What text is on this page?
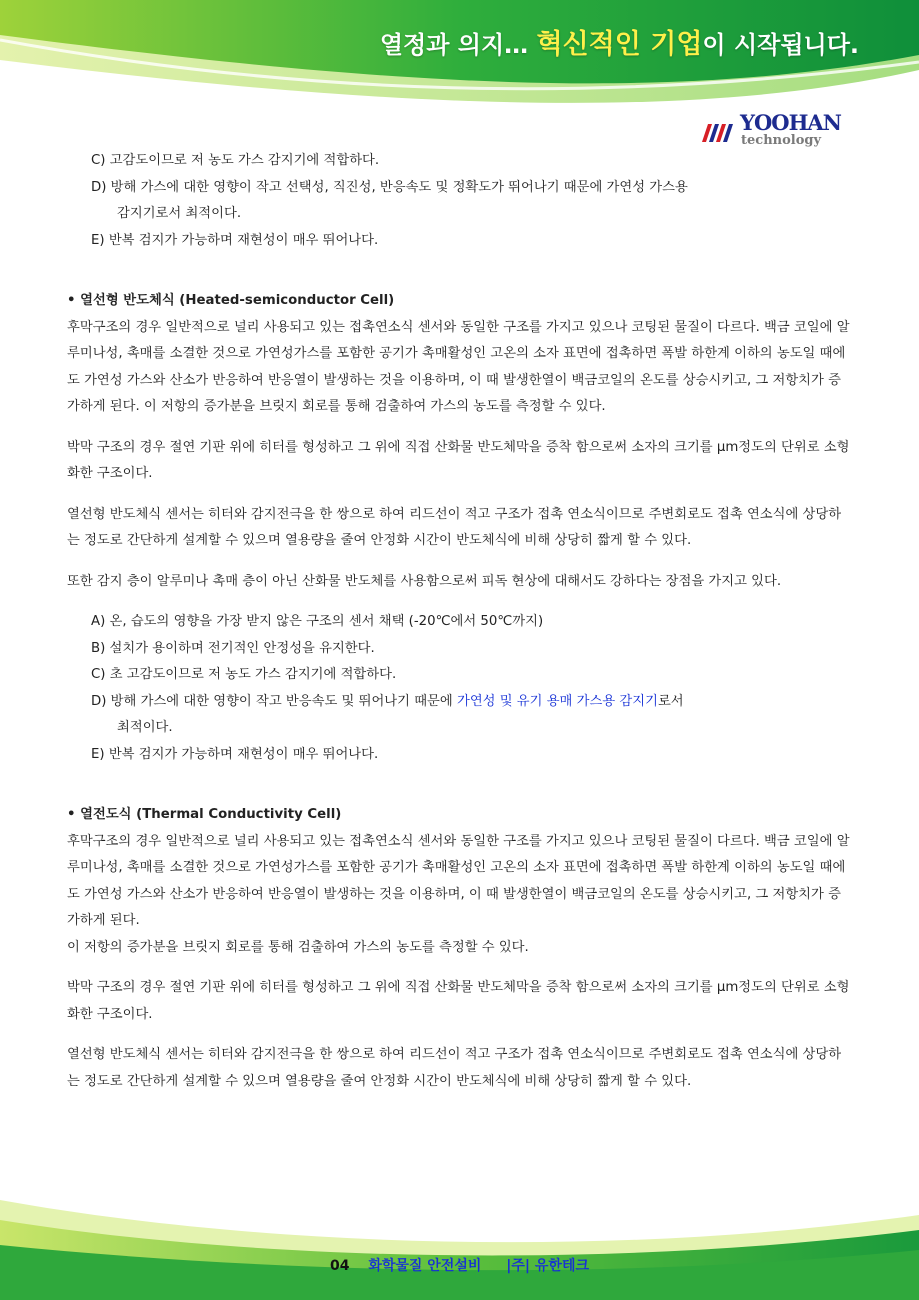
열정과 의지… 혁신적인 기업이 시작됩니다.
YOOHAN
technology

C) 고감도이므로 저 농도 가스 감지기에 적합하다.

D) 방해 가스에 대한 영향이 작고 선택성, 직진성, 반응속도 및 정확도가 뛰어나기 때문에 가연성 가스용

감지기로서 최적이다.

E) 반복 검지가 가능하며 재현성이 매우 뛰어나다.

• 열선형 반도체식 (Heated-semiconductor Cell)

후막구조의 경우 일반적으로 널리 사용되고 있는 접촉연소식 센서와 동일한 구조를 가지고 있으나 코팅된 물질이 다르다. 백금 코일에 알루미나성, 촉매를 소결한 것으로 가연성가스를 포함한 공기가 촉매활성인 고온의 소자 표면에 접촉하면 폭발 하한계 이하의 농도일 때에도 가연성 가스와 산소가 반응하여 반응열이 발생하는 것을 이용하며, 이 때 발생한열이 백금코일의 온도를 상승시키고, 그 저항치가 증가하게 된다. 이 저항의 증가분을 브릿지 회로를 통해 검출하여 가스의 농도를 측정할 수 있다.

박막 구조의 경우 절연 기판 위에 히터를 형성하고 그 위에 직접 산화물 반도체막을 증착 함으로써 소자의 크기를 μm정도의 단위로 소형화한 구조이다.

열선형 반도체식 센서는 히터와 감지전극을 한 쌍으로 하여 리드선이 적고 구조가 접촉 연소식이므로 주변회로도 접촉 연소식에 상당하는 정도로 간단하게 설계할 수 있으며 열용량을 줄여 안정화 시간이 반도체식에 비해 상당히 짧게 할 수 있다.

또한 감지 층이 알루미나 촉매 층이 아닌 산화물 반도체를 사용함으로써 피독 현상에 대해서도 강하다는 장점을 가지고 있다.

A) 온, 습도의 영향을 가장 받지 않은 구조의 센서 채택 (-20℃에서 50℃까지)

B) 설치가 용이하며 전기적인 안정성을 유지한다.

C) 초 고감도이므로 저 농도 가스 감지기에 적합하다.

D) 방해 가스에 대한 영향이 작고 반응속도 및 뛰어나기 때문에 가연성 및 유기 용매 가스용 감지기로서

최적이다.

E) 반복 검지가 가능하며 재현성이 매우 뛰어나다.

• 열전도식 (Thermal Conductivity Cell)

후막구조의 경우 일반적으로 널리 사용되고 있는 접촉연소식 센서와 동일한 구조를 가지고 있으나 코팅된 물질이 다르다. 백금 코일에 알루미나성, 촉매를 소결한 것으로 가연성가스를 포함한 공기가 촉매활성인 고온의 소자 표면에 접촉하면 폭발 하한계 이하의 농도일 때에도 가연성 가스와 산소가 반응하여 반응열이 발생하는 것을 이용하며, 이 때 발생한열이 백금코일의 온도를 상승시키고, 그 저항치가 증가하게 된다.

이 저항의 증가분을 브릿지 회로를 통해 검출하여 가스의 농도를 측정할 수 있다.

박막 구조의 경우 절연 기판 위에 히터를 형성하고 그 위에 직접 산화물 반도체막을 증착 함으로써 소자의 크기를 μm정도의 단위로 소형화한 구조이다.

열선형 반도체식 센서는 히터와 감지전극을 한 쌍으로 하여 리드선이 적고 구조가 접촉 연소식이므로 주변회로도 접촉 연소식에 상당하는 정도로 간단하게 설계할 수 있으며 열용량을 줄여 안정화 시간이 반도체식에 비해 상당히 짧게 할 수 있다.

04 화학물질 안전설비 |주| 유한테크
